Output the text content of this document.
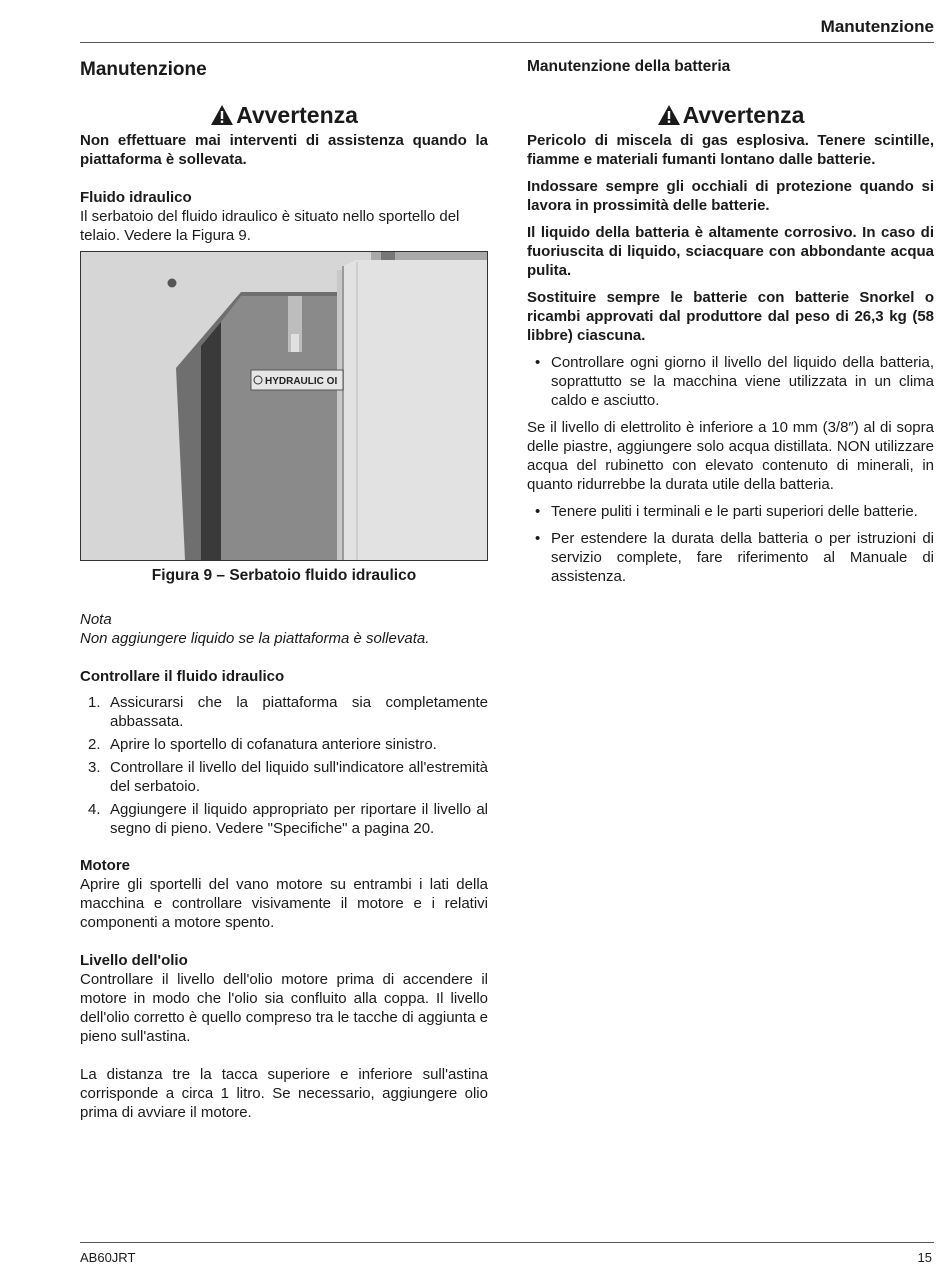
Manutenzione
Manutenzione
Avvertenza

Non effettuare mai interventi di assistenza quando la piattaforma è sollevata.

Fluido idraulico

Il serbatoio del fluido idraulico è situato nello sportello del telaio. Vedere la Figura 9.

HYDRAULIC OI
Figura 9 – Serbatoio fluido idraulico

Nota

Non aggiungere liquido se la piattaforma è sollevata.

Controllare il fluido idraulico
1. Assicurarsi che la piattaforma sia completamente abbassata.
2. Aprire lo sportello di cofanatura anteriore sinistro.
3. Controllare il livello del liquido sull'indicatore all'estremità del serbatoio.
4. Aggiungere il liquido appropriato per riportare il livello al segno di pieno. Vedere "Specifiche" a pagina 20.
Motore

Aprire gli sportelli del vano motore su entrambi i lati della macchina e controllare visivamente il motore e i relativi componenti a motore spento.

Livello dell'olio

Controllare il livello dell'olio motore prima di accendere il motore in modo che l'olio sia confluito alla coppa. Il livello dell'olio corretto è quello compreso tra le tacche di aggiunta e pieno sull'astina.

La distanza tre la tacca superiore e inferiore sull'astina corrisponde a circa 1 litro. Se necessario, aggiungere olio prima di avviare il motore.

Manutenzione della batteria
Avvertenza

Pericolo di miscela di gas esplosiva. Tenere scintille, fiamme e materiali fumanti lontano dalle batterie.

Indossare sempre gli occhiali di protezione quando si lavora in prossimità delle batterie.

Il liquido della batteria è altamente corrosivo. In caso di fuoriuscita di liquido, sciacquare con abbondante acqua pulita.

Sostituire sempre le batterie con batterie Snorkel o ricambi approvati dal produttore dal peso di 26,3 kg (58 libbre) ciascuna.

• Controllare ogni giorno il livello del liquido della batteria, soprattutto se la macchina viene utilizzata in un clima caldo e asciutto.

Se il livello di elettrolito è inferiore a 10 mm (3/8″) al di sopra delle piastre, aggiungere solo acqua distillata. NON utilizzare acqua del rubinetto con elevato contenuto di minerali, in quanto ridurrebbe la durata utile della batteria.

• Tenere puliti i terminali e le parti superiori delle batterie.
• Per estendere la durata della batteria o per istruzioni di servizio complete, fare riferimento al Manuale di assistenza.
AB60JRT	15
